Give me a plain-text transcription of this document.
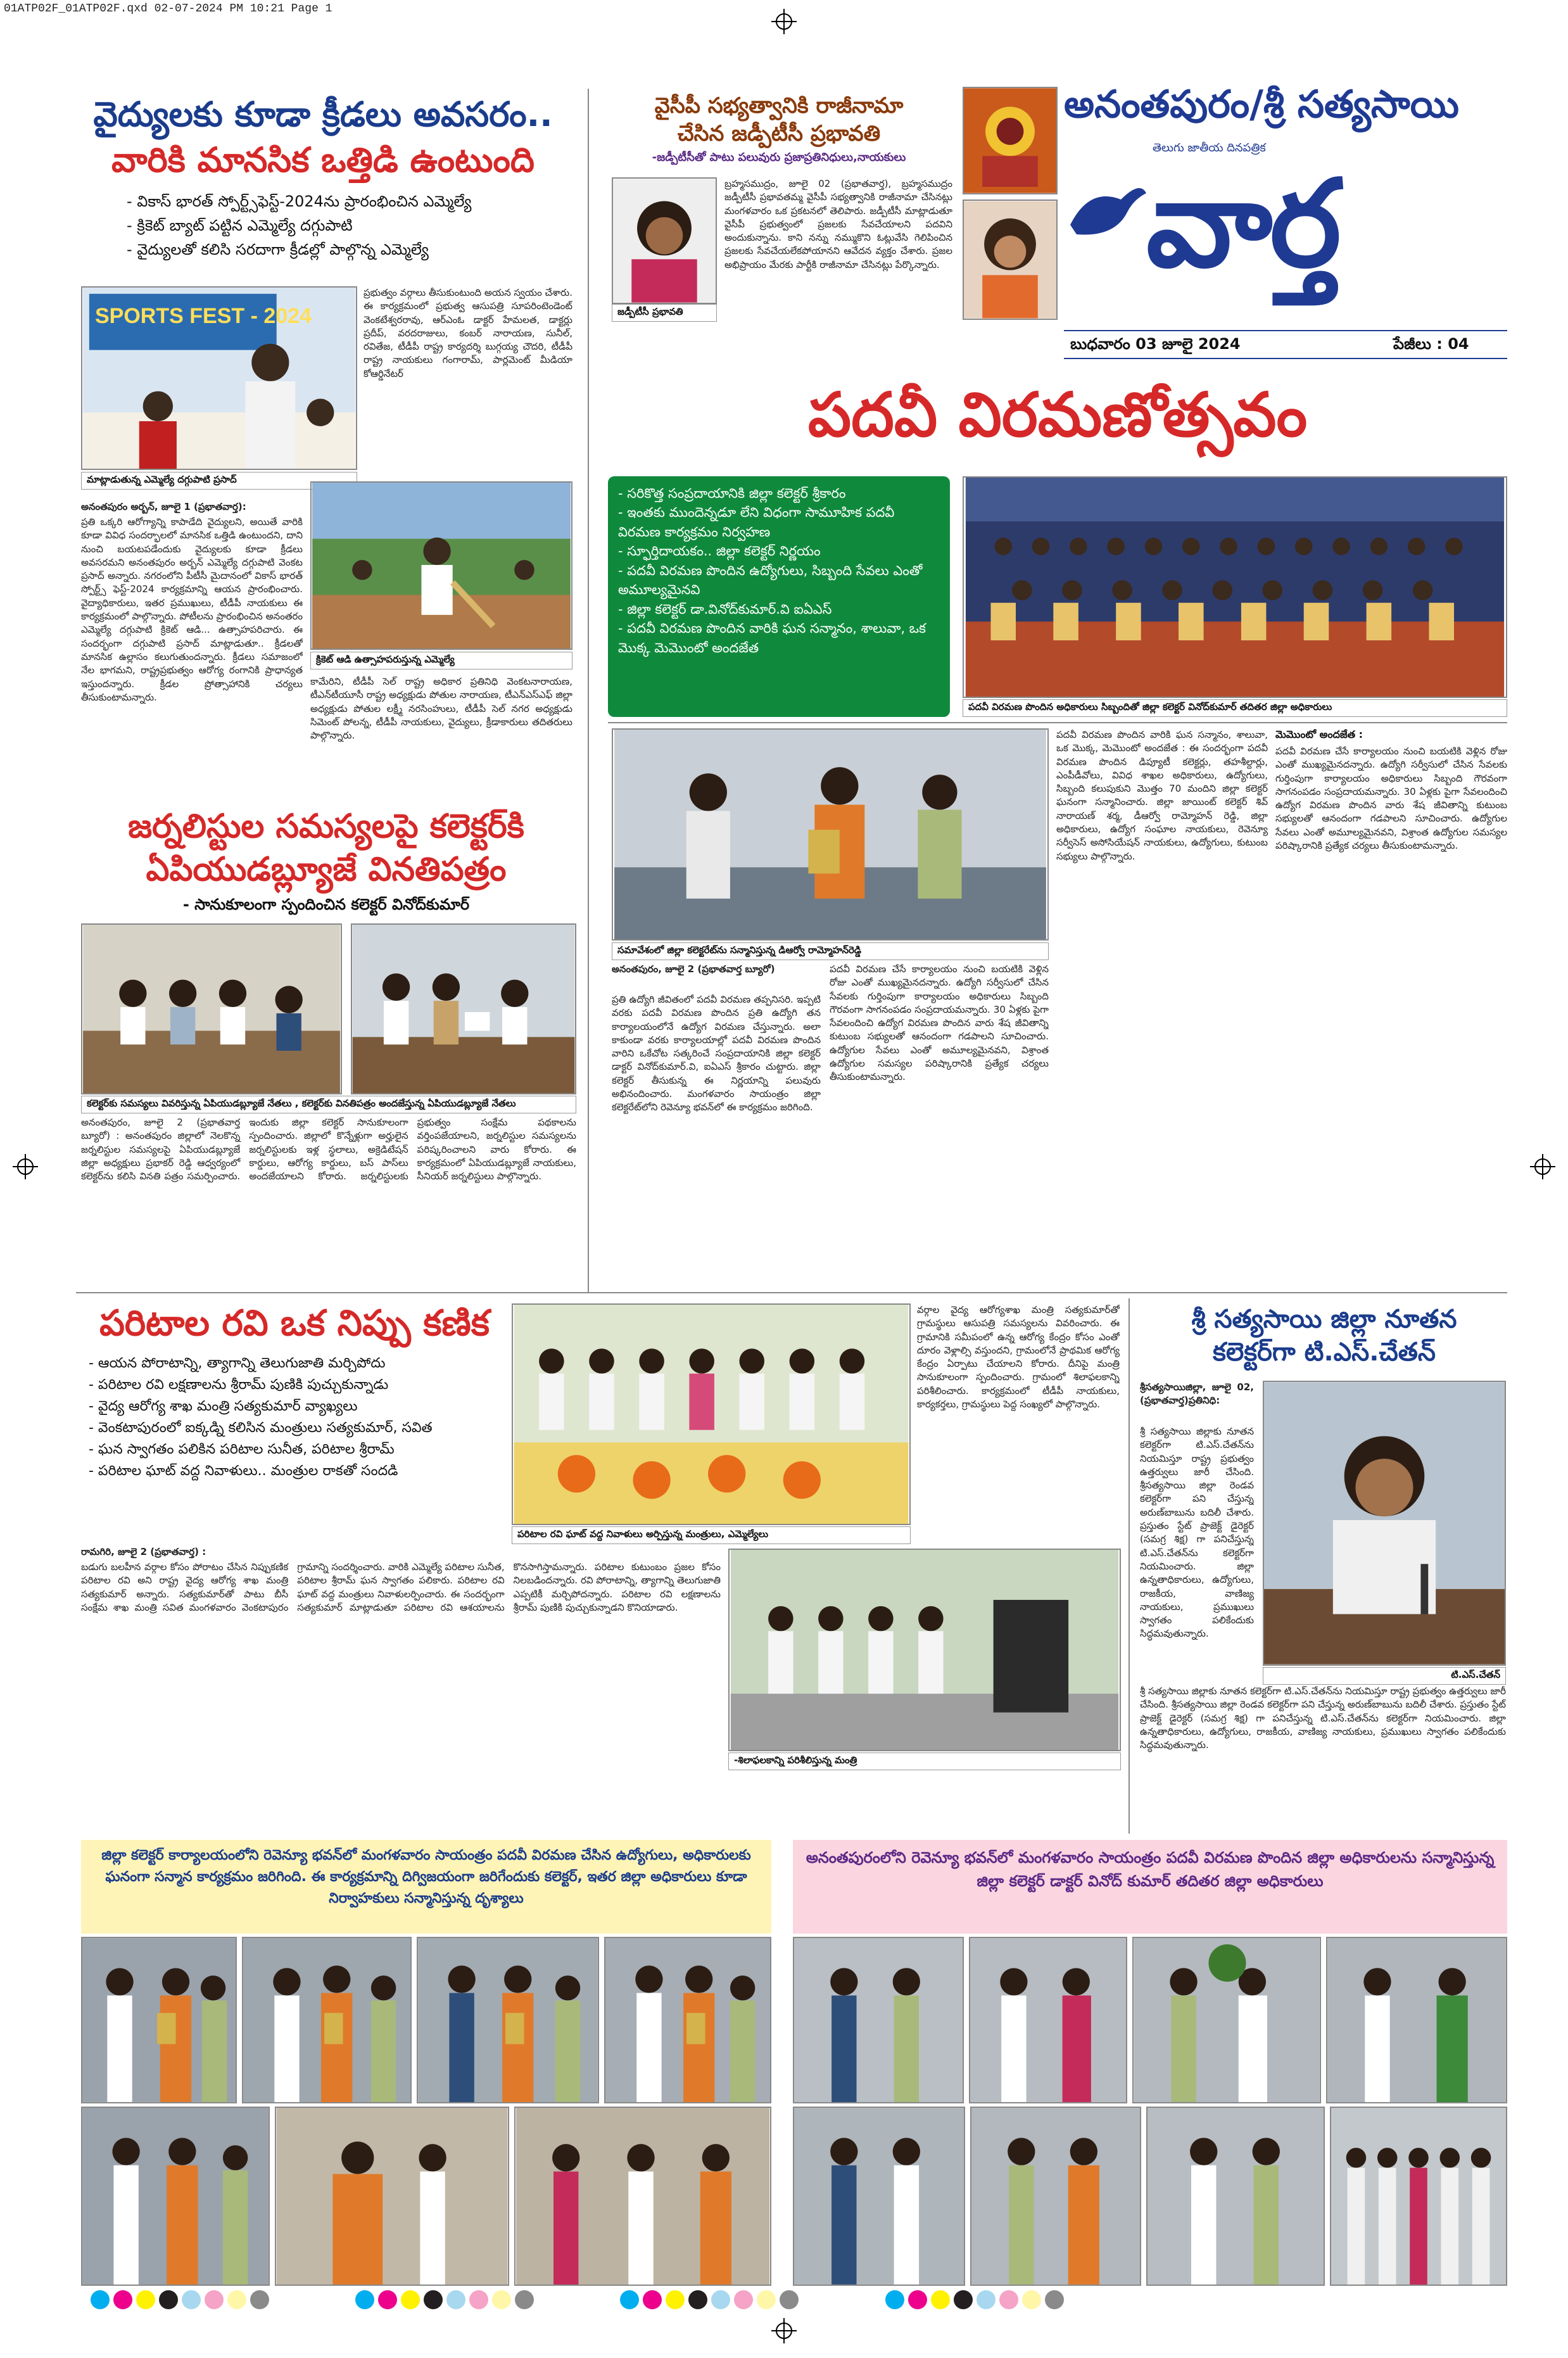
01ATP02F_01ATP02F.qxd 02-07-2024 PM 10:21 Page 1
అనంతపురం/శ్రీ సత్యసాయి
తెలుగు జాతీయ దినపత్రిక
వార్త
బుధవారం 03 జూలై 2024	పేజీలు : 04
వైద్యులకు కూడా క్రీడలు అవసరం..
వారికి మానసిక ఒత్తిడి ఉంటుంది
- వికాస్ భారత్ స్పోర్ట్స్‌ఫెస్ట్-2024ను ప్రారంభించిన ఎమ్మెల్యే
- క్రికెట్ బ్యాట్ పట్టిన ఎమ్మెల్యే దగ్గుపాటి
- వైద్యులతో కలిసి సరదాగా క్రీడల్లో పాల్గొన్న ఎమ్మెల్యే
SPORTS FEST - 2024
మాట్లాడుతున్న ఎమ్మెల్యే దగ్గుపాటి ప్రసాద్
ప్రభుత్వం వర్గాలు తీసుకుంటుంది అయన స్వయం చేశారు. ఈ కార్యక్రమంలో ప్రభుత్వ ఆసుపత్రి సూపరింటెండెంట్ వెంకటేశ్వరరావు, ఆర్ఎంఓ డాక్టర్ హేమలత, డాక్టర్లు ప్రదీప్, వరదరాజులు, కంబర్ నారాయణ, సునీల్, రవితేజ, టీడీపీ రాష్ట్ర కార్యదర్శి బుగ్గయ్య చౌదరి, టీడీపీ రాష్ట్ర నాయకులు గంగారామ్, పార్లమెంట్ మీడియా కోఆర్డినేటర్
అనంతపురం అర్బన్, జూలై 1 (ప్రభాతవార్త):
ప్రతి ఒక్కరి ఆరోగ్యాన్ని కాపాడేది వైద్యులని, అయితే వారికి కూడా వివిధ సందర్భాలలో మానసిక ఒత్తిడి ఉంటుందని, దాని నుంచి బయటపడేందుకు వైద్యులకు కూడా క్రీడలు అవసరమని అనంతపురం అర్బన్ ఎమ్మెల్యే దగ్గుపాటి వెంకట ప్రసాద్ అన్నారు. నగరంలోని పీటీసీ మైదానంలో వికాస్ భారత్ స్పోర్ట్స్ ఫెస్ట్-2024 కార్యక్రమాన్ని ఆయన ప్రారంభించారు. వైద్యాధికారులు, ఇతర ప్రముఖులు, టీడీపీ నాయకులు ఈ కార్యక్రమంలో పాల్గొన్నారు. పోటీలను ప్రారంభించిన అనంతరం ఎమ్మెల్యే దగ్గుపాటి క్రికెట్ ఆడి... ఉత్సాహపరిచారు. ఈ సందర్భంగా దగ్గుపాటి ప్రసాద్ మాట్లాడుతూ.. క్రీడలతో మానసిక ఉల్లాసం కలుగుతుందన్నారు. క్రీడలు సమాజంలో నేల భాగమని, రాష్ట్రప్రభుత్వం ఆరోగ్య రంగానికి ప్రాధాన్యత ఇస్తుందన్నారు. క్రీడల ప్రోత్సాహానికి చర్యలు తీసుకుంటామన్నారు.
క్రికెట్ ఆడి ఉత్సాహపరుస్తున్న ఎమ్మెల్యే
కామేరిని, టీడీపీ సెల్ రాష్ట్ర అధికార ప్రతినిధి వెంకటనారాయణ, టీఎన్‌టీయూసీ రాష్ట్ర అధ్యక్షుడు పోతుల నారాయణ, టీఎన్‌ఎస్‌ఎఫ్ జిల్లా అధ్యక్షుడు పోతుల లక్ష్మీ నరసింహులు, టీడీపీ సెల్ నగర అధ్యక్షుడు సిమెంట్ పోలన్న, టీడీపీ నాయకులు, వైద్యులు, క్రీడాకారులు తదితరులు పాల్గొన్నారు.
వైసీపీ సభ్యత్వానికి రాజీనామా
చేసిన జడ్పీటీసీ ప్రభావతి
-జడ్పీటీసీతో పాటు పలువురు ప్రజాప్రతినిధులు,నాయకులు
జడ్పీటీసీ ప్రభావతి
బ్రహ్మసముద్రం, జూలై 02 (ప్రభాతవార్త), బ్రహ్మసముద్రం జడ్పీటీసీ ప్రభావతమ్మ వైసీపీ సభ్యత్వానికి రాజీనామా చేసినట్లు మంగళవారం ఒక ప్రకటనలో తెలిపారు. జడ్పీటీసీ మాట్లాడుతూ వైసీపీ ప్రభుత్వంలో ప్రజలకు సేవచేయాలని పదవిని అందుకున్నాను. కాని నన్ను నమ్ముకొని ఓట్లువేసి గెలిపించిన ప్రజలకు సేవచేయలేకపోయానని ఆవేదన వ్యక్తం చేశారు. ప్రజల అభిప్రాయం మేరకు పార్టీకి రాజీనామా చేసినట్లు పేర్కొన్నారు.
పదవీ విరమణోత్సవం
- సరికొత్త సంప్రదాయానికి జిల్లా కలెక్టర్ శ్రీకారం
- ఇంతకు ముందెన్నడూ లేని విధంగా సామూహిక పదవీ విరమణ కార్యక్రమం నిర్వహణ
- స్ఫూర్తిదాయకం.. జిల్లా కలెక్టర్ నిర్ణయం
- పదవీ విరమణ పొందిన ఉద్యోగులు, సిబ్బంది సేవలు ఎంతో అమూల్యమైనవి
- జిల్లా కలెక్టర్ డా.వినోద్‌కుమార్.వి ఐఏఎస్
- పదవీ విరమణ పొందిన వారికి ఘన సన్మానం, శాలువా, ఒక మొక్క మెమొంటో అందజేత
పదవీ విరమణ పొందిన అధికారులు సిబ్బందితో జిల్లా కలెక్టర్ వినోద్‌కుమార్ తదితర జిల్లా అధికారులు
సమావేశంలో జిల్లా కలెక్టరేట్‌ను సన్మానిస్తున్న డిఆర్వో రామ్మోహన్‌రెడ్డి
అనంతపురం, జూలై 2 (ప్రభాతవార్త బ్యూరో)
ప్రతి ఉద్యోగి జీవితంలో పదవీ విరమణ తప్పనిసరి. ఇప్పటి వరకు పదవీ విరమణ పొందిన ప్రతి ఉద్యోగి తన కార్యాలయంలోనే ఉద్యోగ విరమణ చేస్తున్నారు. అలా కాకుండా వరకు కార్యాలయాల్లో పదవీ విరమణ పొందిన వారిని ఒకేచోట సత్కరించే సంప్రదాయానికి జిల్లా కలెక్టర్ డాక్టర్ వినోద్‌కుమార్.వి, ఐఏఎస్ శ్రీకారం చుట్టారు. జిల్లా కలెక్టర్ తీసుకున్న ఈ నిర్ణయాన్ని పలువురు అభినందించారు. మంగళవారం సాయంత్రం జిల్లా కలెక్టరేట్‌లోని రెవెన్యూ భవన్‌లో ఈ కార్యక్రమం జరిగింది.
పదవీ విరమణ చేసే కార్యాలయం నుంచి బయటికి వెళ్లిన రోజు ఎంతో ముఖ్యమైనదన్నారు. ఉద్యోగి సర్వీసులో చేసిన సేవలకు గుర్తింపుగా కార్యాలయం అధికారులు సిబ్బంది గౌరవంగా సాగనంపడం సంప్రదాయమన్నారు. 30 ఏళ్లకు పైగా సేవలందించి ఉద్యోగ విరమణ పొందిన వారు శేష జీవితాన్ని కుటుంబ సభ్యులతో ఆనందంగా గడపాలని సూచించారు. ఉద్యోగుల సేవలు ఎంతో అమూల్యమైనవని, విశ్రాంత ఉద్యోగుల సమస్యల పరిష్కారానికి ప్రత్యేక చర్యలు తీసుకుంటామన్నారు.
పదవీ విరమణ పొందిన వారికి ఘన సన్మానం, శాలువా, ఒక మొక్క, మెమొంటో అందజేత : ఈ సందర్భంగా పదవీ విరమణ పొందిన డిప్యూటీ కలెక్టర్లు, తహశీల్దార్లు, ఎంపీడీవోలు, వివిధ శాఖల అధికారులు, ఉద్యోగులు, సిబ్బంది కలుపుకుని మొత్తం 70 మందిని జిల్లా కలెక్టర్ ఘనంగా సన్మానించారు. జిల్లా జాయింట్ కలెక్టర్ శివ్ నారాయణ్ శర్మ, డీఆర్వో రామ్మోహన్ రెడ్డి, జిల్లా అధికారులు, ఉద్యోగ సంఘాల నాయకులు, రెవెన్యూ సర్వీసెస్ అసోసియేషన్ నాయకులు, ఉద్యోగులు, కుటుంబ సభ్యులు పాల్గొన్నారు.
మెమొంటో అందజేత :
పదవీ విరమణ చేసే కార్యాలయం నుంచి బయటికి వెళ్లిన రోజు ఎంతో ముఖ్యమైనదన్నారు. ఉద్యోగి సర్వీసులో చేసిన సేవలకు గుర్తింపుగా కార్యాలయం అధికారులు సిబ్బంది గౌరవంగా సాగనంపడం సంప్రదాయమన్నారు. 30 ఏళ్లకు పైగా సేవలందించి ఉద్యోగ విరమణ పొందిన వారు శేష జీవితాన్ని కుటుంబ సభ్యులతో ఆనందంగా గడపాలని సూచించారు. ఉద్యోగుల సేవలు ఎంతో అమూల్యమైనవని, విశ్రాంత ఉద్యోగుల సమస్యల పరిష్కారానికి ప్రత్యేక చర్యలు తీసుకుంటామన్నారు.
జర్నలిస్టుల సమస్యలపై కలెక్టర్‌కి
ఏపియుడబ్ల్యూజే వినతిపత్రం
- సానుకూలంగా స్పందించిన కలెక్టర్ వినోద్‌కుమార్
కలెక్టర్‌కు సమస్యలు వివరిస్తున్న ఏపియుడబ్ల్యూజే నేతలు , కలెక్టర్‌కు వినతిపత్రం అందజేస్తున్న ఏపియుడబ్ల్యూజే నేతలు
అనంతపురం, జూలై 2 (ప్రభాతవార్త బ్యూరో) : అనంతపురం జిల్లాలో నెలకొన్న జర్నలిస్టుల సమస్యలపై ఏపియుడబ్ల్యూజే జిల్లా అధ్యక్షులు ప్రభాకర్ రెడ్డి ఆధ్వర్యంలో కలెక్టర్‌ను కలిసి వినతి పత్రం సమర్పించారు. ఇందుకు జిల్లా కలెక్టర్ సానుకూలంగా స్పందించారు. జిల్లాలో కొన్నేళ్లుగా అర్హులైన జర్నలిస్టులకు ఇళ్ల స్థలాలు, అక్రెడిటేషన్ కార్డులు, ఆరోగ్య కార్డులు, బస్ పాస్‌లు అందజేయాలని కోరారు. జర్నలిస్టులకు ప్రభుత్వం సంక్షేమ పథకాలను వర్తింపజేయాలని, జర్నలిస్టుల సమస్యలను పరిష్కరించాలని వారు కోరారు. ఈ కార్యక్రమంలో ఏపియుడబ్ల్యూజే నాయకులు, సీనియర్ జర్నలిస్టులు పాల్గొన్నారు.
పరిటాల రవి ఒక నిప్పు కణిక
- ఆయన పోరాటాన్ని, త్యాగాన్ని తెలుగుజాతి మర్చిపోదు
- పరిటాల రవి లక్షణాలను శ్రీరామ్ పుణికి పుచ్చుకున్నాడు
- వైద్య ఆరోగ్య శాఖ మంత్రి సత్యకుమార్ వ్యాఖ్యలు
- వెంకటాపురంలో ఐక్కడ్ని కలిసిన మంత్రులు సత్యకుమార్, సవిత
- ఘన స్వాగతం పలికిన పరిటాల సునీత, పరిటాల శ్రీరామ్
- పరిటాల ఘాట్ వద్ద నివాళులు.. మంత్రుల రాకతో సందడి
పరిటాల రవి ఘాట్ వద్ద నివాళులు అర్పిస్తున్న మంత్రులు, ఎమ్మెల్యేలు
రామగిరి, జూలై 2 (ప్రభాతవార్త) :
బడుగు బలహీన వర్గాల కోసం పోరాటం చేసిన నిప్పుకణిక పరిటాల రవి అని రాష్ట్ర వైద్య ఆరోగ్య శాఖ మంత్రి సత్యకుమార్ అన్నారు. సత్యకుమార్‌తో పాటు బీసీ సంక్షేమ శాఖ మంత్రి సవిత మంగళవారం వెంకటాపురం గ్రామాన్ని సందర్శించారు. వారికి ఎమ్మెల్యే పరిటాల సునీత, పరిటాల శ్రీరామ్ ఘన స్వాగతం పలికారు. పరిటాల రవి ఘాట్ వద్ద మంత్రులు నివాళులర్పించారు. ఈ సందర్భంగా సత్యకుమార్ మాట్లాడుతూ పరిటాల రవి ఆశయాలను కొనసాగిస్తామన్నారు. పరిటాల కుటుంబం ప్రజల కోసం నిలబడిందన్నారు. రవి పోరాటాన్ని, త్యాగాన్ని తెలుగుజాతి ఎప్పటికీ మర్చిపోదన్నారు. పరిటాల రవి లక్షణాలను శ్రీరామ్ పుణికి పుచ్చుకున్నాడని కొనియాడారు.
వర్గాల వైద్య ఆరోగ్యశాఖ మంత్రి సత్యకుమార్‌తో గ్రామస్థులు ఆసుపత్రి సమస్యలను వివరించారు. ఈ గ్రామానికి సమీపంలో ఉన్న ఆరోగ్య కేంద్రం కోసం ఎంతో దూరం వెళ్లాల్సి వస్తుందని, గ్రామంలోనే ప్రాథమిక ఆరోగ్య కేంద్రం ఏర్పాటు చేయాలని కోరారు. దీనిపై మంత్రి సానుకూలంగా స్పందించారు. గ్రామంలో శిలాఫలకాన్ని పరిశీలించారు. కార్యక్రమంలో టీడీపీ నాయకులు, కార్యకర్తలు, గ్రామస్థులు పెద్ద సంఖ్యలో పాల్గొన్నారు.
-శిలాఫలకాన్ని పరిశీలిస్తున్న మంత్రి
శ్రీ సత్యసాయి జిల్లా నూతన
కలెక్టర్‌గా టి.ఎస్.చేతన్
శ్రీసత్యసాయిజిల్లా, జూలై 02, (ప్రభాతవార్త)ప్రతినిధి:
శ్రీ సత్యసాయి జిల్లాకు నూతన కలెక్టర్‌గా టి.ఎస్.చేతన్‌ను నియమిస్తూ రాష్ట్ర ప్రభుత్వం ఉత్తర్వులు జారీ చేసింది. శ్రీసత్యసాయి జిల్లా రెండవ కలెక్టర్‌గా పని చేస్తున్న అరుణ్‌బాబును బదిలీ చేశారు. ప్రస్తుతం స్టేట్ ప్రాజెక్ట్ డైరెక్టర్ (సమగ్ర శిక్ష) గా పనిచేస్తున్న టి.ఎస్.చేతన్‌ను కలెక్టర్‌గా నియమించారు. జిల్లా ఉన్నతాధికారులు, ఉద్యోగులు, రాజకీయ, వాణిజ్య నాయకులు, ప్రముఖులు స్వాగతం పలికేందుకు సిద్ధమవుతున్నారు.
టి.ఎస్.చేతన్
శ్రీ సత్యసాయి జిల్లాకు నూతన కలెక్టర్‌గా టి.ఎస్.చేతన్‌ను నియమిస్తూ రాష్ట్ర ప్రభుత్వం ఉత్తర్వులు జారీ చేసింది. శ్రీసత్యసాయి జిల్లా రెండవ కలెక్టర్‌గా పని చేస్తున్న అరుణ్‌బాబును బదిలీ చేశారు. ప్రస్తుతం స్టేట్ ప్రాజెక్ట్ డైరెక్టర్ (సమగ్ర శిక్ష) గా పనిచేస్తున్న టి.ఎస్.చేతన్‌ను కలెక్టర్‌గా నియమించారు. జిల్లా ఉన్నతాధికారులు, ఉద్యోగులు, రాజకీయ, వాణిజ్య నాయకులు, ప్రముఖులు స్వాగతం పలికేందుకు సిద్ధమవుతున్నారు.
జిల్లా కలెక్టర్ కార్యాలయంలోని రెవెన్యూ భవన్‌లో మంగళవారం సాయంత్రం పదవీ విరమణ చేసిన ఉద్యోగులు, అధికారులకు ఘనంగా సన్మాన కార్యక్రమం జరిగింది. ఈ కార్యక్రమాన్ని దిగ్విజయంగా జరిగేందుకు కలెక్టర్, ఇతర జిల్లా అధికారులు కూడా నిర్వాహకులు సన్మానిస్తున్న దృశ్యాలు
అనంతపురంలోని రెవెన్యూ భవన్‌లో మంగళవారం సాయంత్రం పదవీ విరమణ పొందిన జిల్లా అధికారులను సన్మానిస్తున్న జిల్లా కలెక్టర్ డాక్టర్ వినోద్ కుమార్ తదితర జిల్లా అధికారులు
